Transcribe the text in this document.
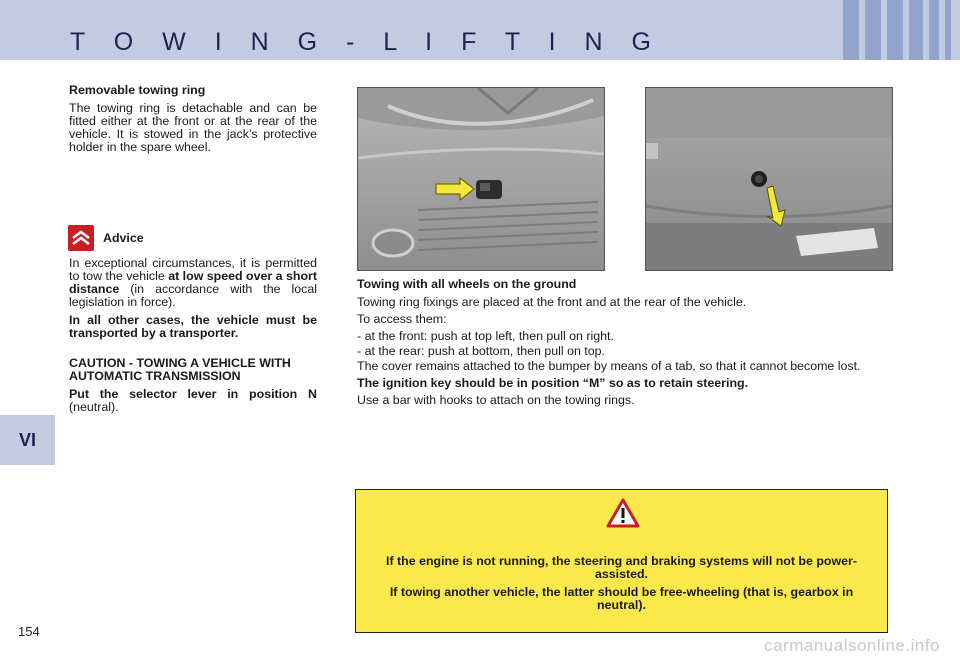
T O W I N G - L I F T I N G
VI
154

Removable towing ring

The towing ring is detachable and can be fitted either at the front or at the rear of the vehicle. It is stowed in the jack’s protective holder in the spare wheel.

Advice

In exceptional circumstances, it is permitted to tow the vehicle at low speed over a short distance (in accordance with the local legislation in force).

In all other cases, the vehicle must be transported by a transporter.

CAUTION - TOWING A VEHICLE WITH AUTOMATIC TRANSMISSION

Put the selector lever in position N (neutral).

Towing with all wheels on the ground

Towing ring fixings are placed at the front and at the rear of the vehicle.

To access them:

- at the front: push at top left, then pull on right.

- at the rear: push at bottom, then pull on top.

The cover remains attached to the bumper by means of a tab, so that it cannot become lost.

The ignition key should be in position “M” so as to retain steering.

Use a bar with hooks to attach on the towing rings.

If the engine is not running, the steering and braking systems will not be power-assisted.

If towing another vehicle, the latter should be free-wheeling (that is, gearbox in neutral).

carmanualsonline.info
